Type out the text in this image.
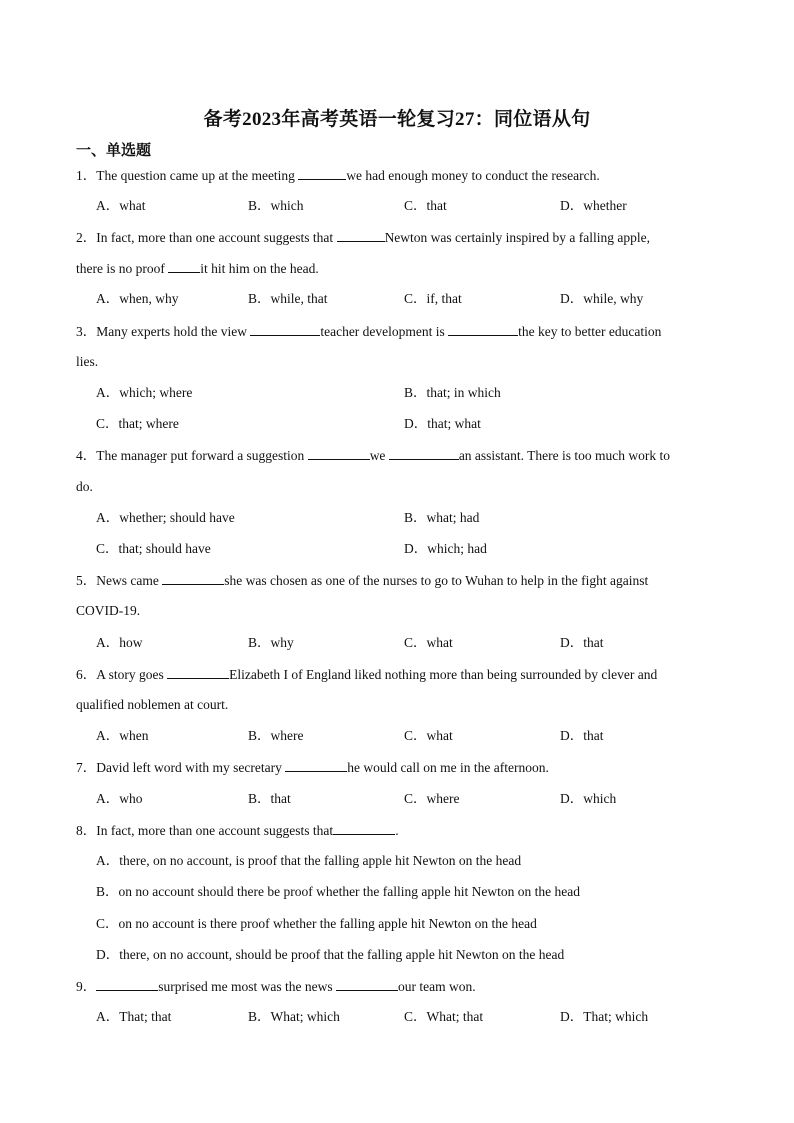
备考2023年高考英语一轮复习27：同位语从句
一、单选题
1．The question came up at the meeting	we had enough money to conduct the research.
A．what	B．which	C．that	D．whether
2．In fact, more than one account suggests that	Newton was certainly inspired by a falling apple,
there is no proof it hit him on the head.
A．when, why	B．while, that	C．if, that	D．while, why
3．Many experts hold the view	teacher development is	the key to better education
lies.
A．which; where	B．that; in which
C．that; where	D．that; what
4．The manager put forward a suggestion	we	an assistant. There is too much work to
do.
A．whether; should have	B．what; had
C．that; should have	D．which; had
5．News came	she was chosen as one of the nurses to go to Wuhan to help in the fight against
COVID-19.
A．how	B．why	C．what	D．that
6．A story goes	Elizabeth I of England liked nothing more than being surrounded by clever and
qualified noblemen at court.
A．when	B．where	C．what	D．that
7．David left word with my secretary	he would call on me in the afternoon.
A．who	B．that	C．where	D．which
8．In fact, more than one account suggests that	.
A．there, on no account, is proof that the falling apple hit Newton on the head
B．on no account should there be proof whether the falling apple hit Newton on the head
C．on no account is there proof whether the falling apple hit Newton on the head
D．there, on no account, should be proof that the falling apple hit Newton on the head
9．	surprised me most was the news	our team won.
A．That; that	B．What; which	C．What; that	D．That; which
